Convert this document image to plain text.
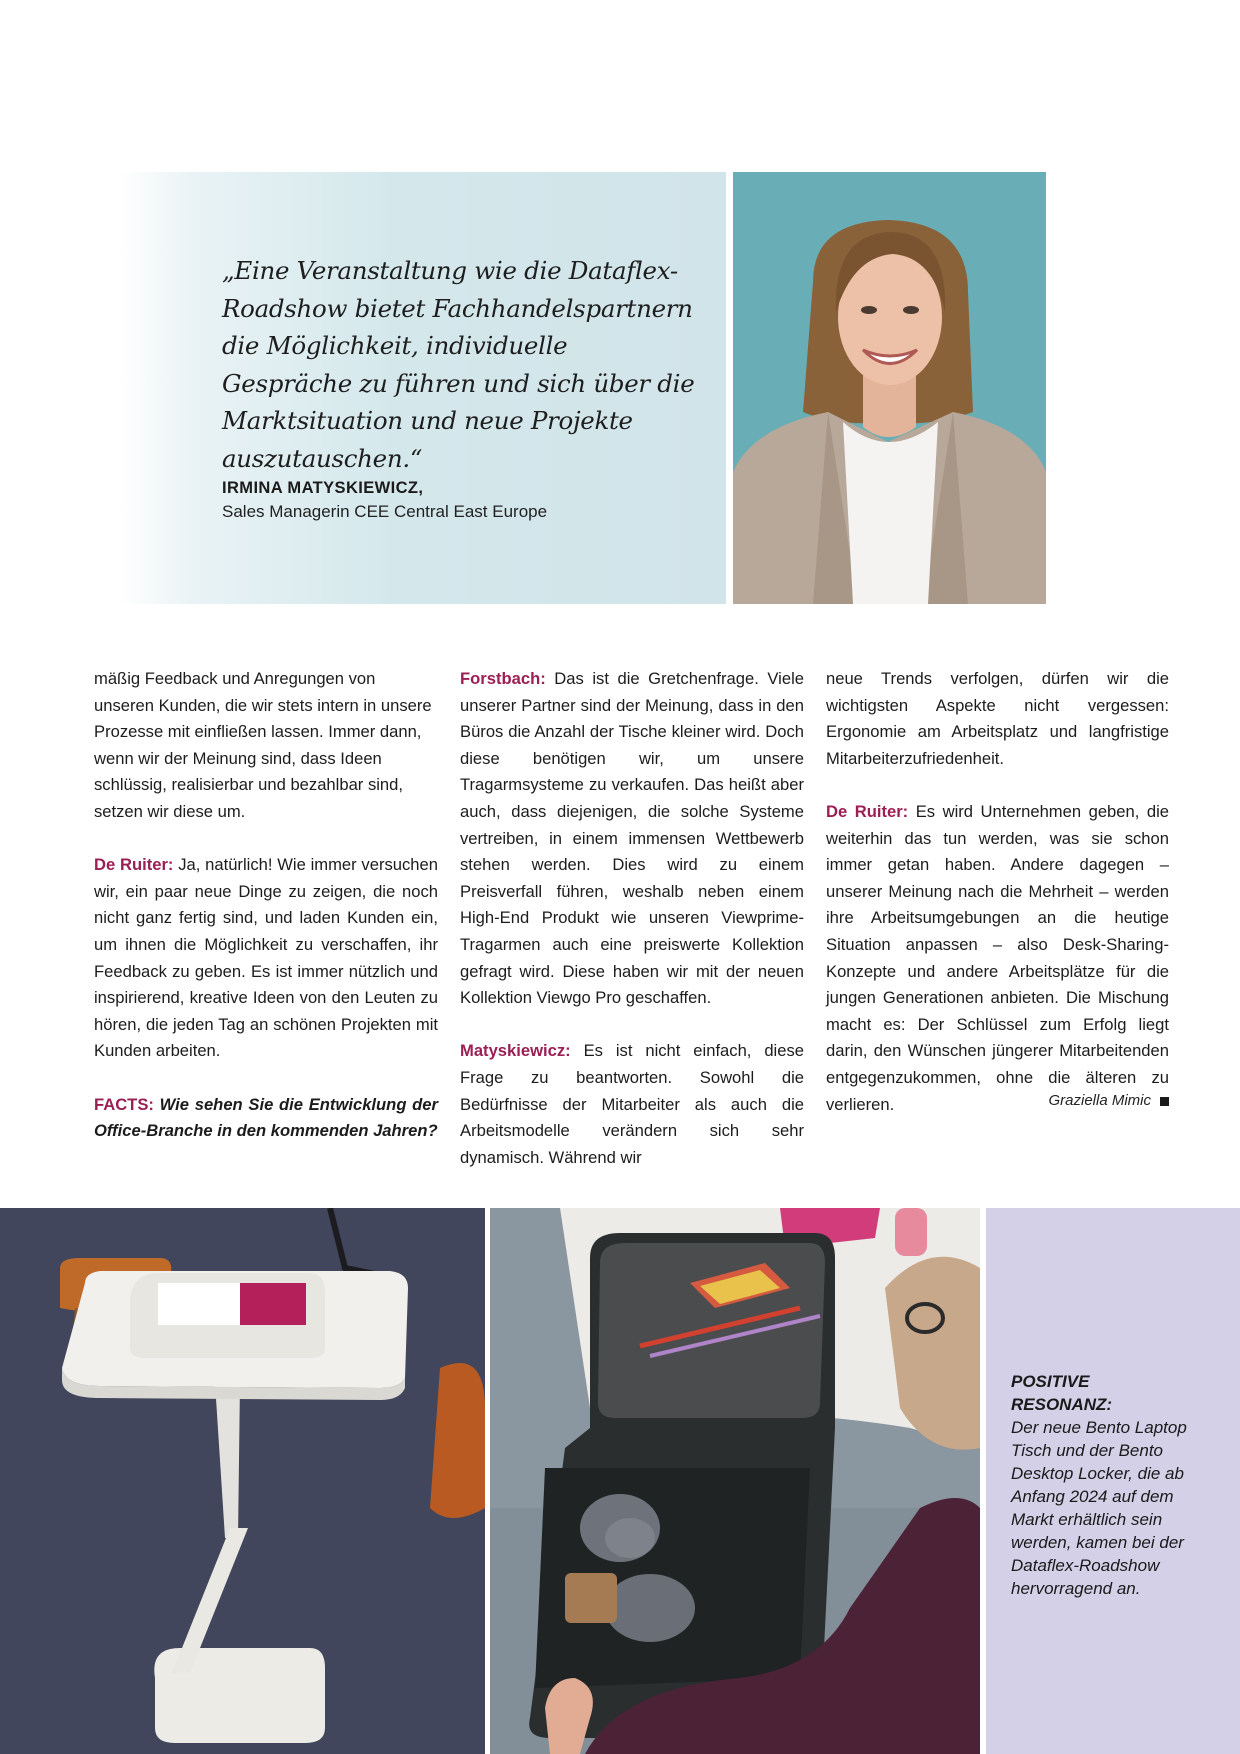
„Eine Veranstaltung wie die Dataflex-Roadshow bietet Fachhandelspartnern die Möglichkeit, individuelle Gespräche zu führen und sich über die Marktsituation und neue Projekte auszutauschen.“

IRMINA MATYSKIEWICZ,
Sales Managerin CEE Central East Europe

mäßig Feedback und Anregungen von unseren Kunden, die wir stets intern in unsere Prozesse mit einfließen lassen. Immer dann, wenn wir der Meinung sind, dass Ideen schlüssig, realisierbar und bezahlbar sind, setzen wir diese um.

De Ruiter: Ja, natürlich! Wie immer versuchen wir, ein paar neue Dinge zu zeigen, die noch nicht ganz fertig sind, und laden Kunden ein, um ihnen die Möglichkeit zu verschaffen, ihr Feedback zu geben. Es ist immer nützlich und inspirierend, kreative Ideen von den Leuten zu hören, die jeden Tag an schönen Projekten mit Kunden arbeiten.

FACTS: Wie sehen Sie die Entwicklung der Office-Branche in den kommenden Jahren?

Forstbach: Das ist die Gretchenfrage. Viele unserer Partner sind der Meinung, dass in den Büros die Anzahl der Tische kleiner wird. Doch diese benötigen wir, um unsere Tragarmsysteme zu verkaufen. Das heißt aber auch, dass diejenigen, die solche Systeme vertreiben, in einem immensen Wettbewerb stehen werden. Dies wird zu einem Preisverfall führen, weshalb neben einem High-End Produkt wie unseren Viewprime-Tragarmen auch eine preiswerte Kollektion gefragt wird. Diese haben wir mit der neuen Kollektion Viewgo Pro geschaffen.

Matyskiewicz: Es ist nicht einfach, diese Frage zu beantworten. Sowohl die Bedürfnisse der Mitarbeiter als auch die Arbeitsmodelle verändern sich sehr dynamisch. Während wir

neue Trends verfolgen, dürfen wir die wichtigsten Aspekte nicht vergessen: Ergonomie am Arbeitsplatz und langfristige Mitarbeiterzufriedenheit.

De Ruiter: Es wird Unternehmen geben, die weiterhin das tun werden, was sie schon immer getan haben. Andere dagegen – unserer Meinung nach die Mehrheit – werden ihre Arbeitsumgebungen an die heutige Situation anpassen – also Desk-Sharing-Konzepte und andere Arbeitsplätze für die jungen Generationen anbieten. Die Mischung macht es: Der Schlüssel zum Erfolg liegt darin, den Wünschen jüngerer Mitarbeitenden entgegenzukommen, ohne die älteren zu verlieren.	Graziella Mimic

POSITIVE RESONANZ:

Der neue Bento Laptop Tisch und der Bento Desktop Locker, die ab Anfang 2024 auf dem Markt erhältlich sein werden, kamen bei der Dataflex-Roadshow hervorragend an.
